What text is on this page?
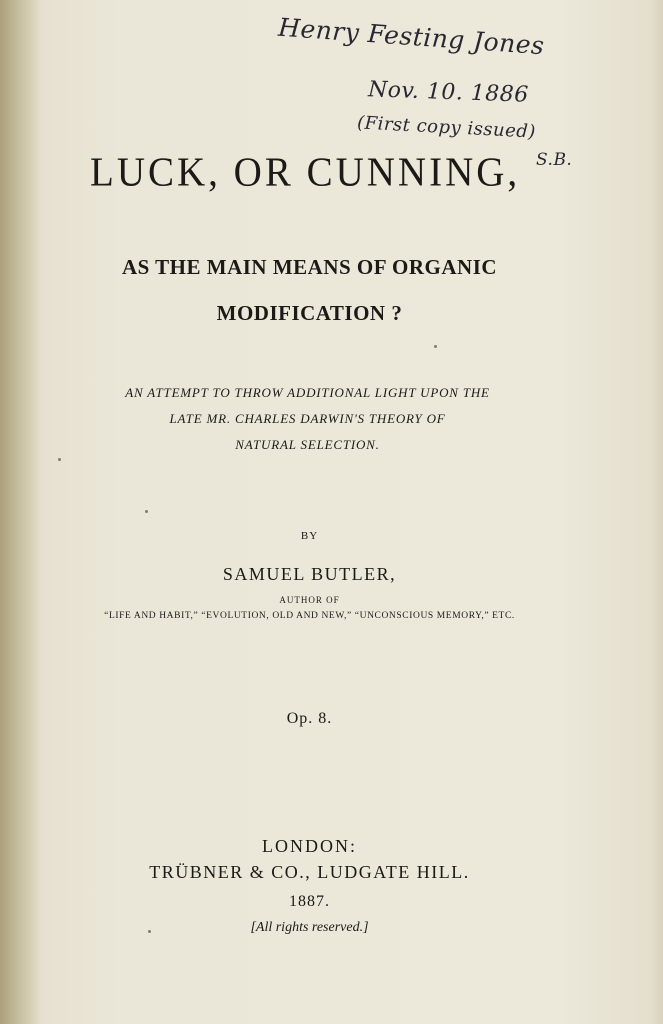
Henry Festing Jones
Nov. 10. 1886
(First copy issued)
S.B.
LUCK, OR CUNNING,
AS THE MAIN MEANS OF ORGANIC
MODIFICATION ?
AN ATTEMPT TO THROW ADDITIONAL LIGHT UPON THE
LATE MR. CHARLES DARWIN'S THEORY OF
NATURAL SELECTION.
BY
SAMUEL BUTLER,
AUTHOR OF
“LIFE AND HABIT,” “EVOLUTION, OLD AND NEW,” “UNCONSCIOUS MEMORY,” ETC.
Op. 8.
LONDON:
TRÜBNER & CO., LUDGATE HILL.
1887.
[All rights reserved.]
